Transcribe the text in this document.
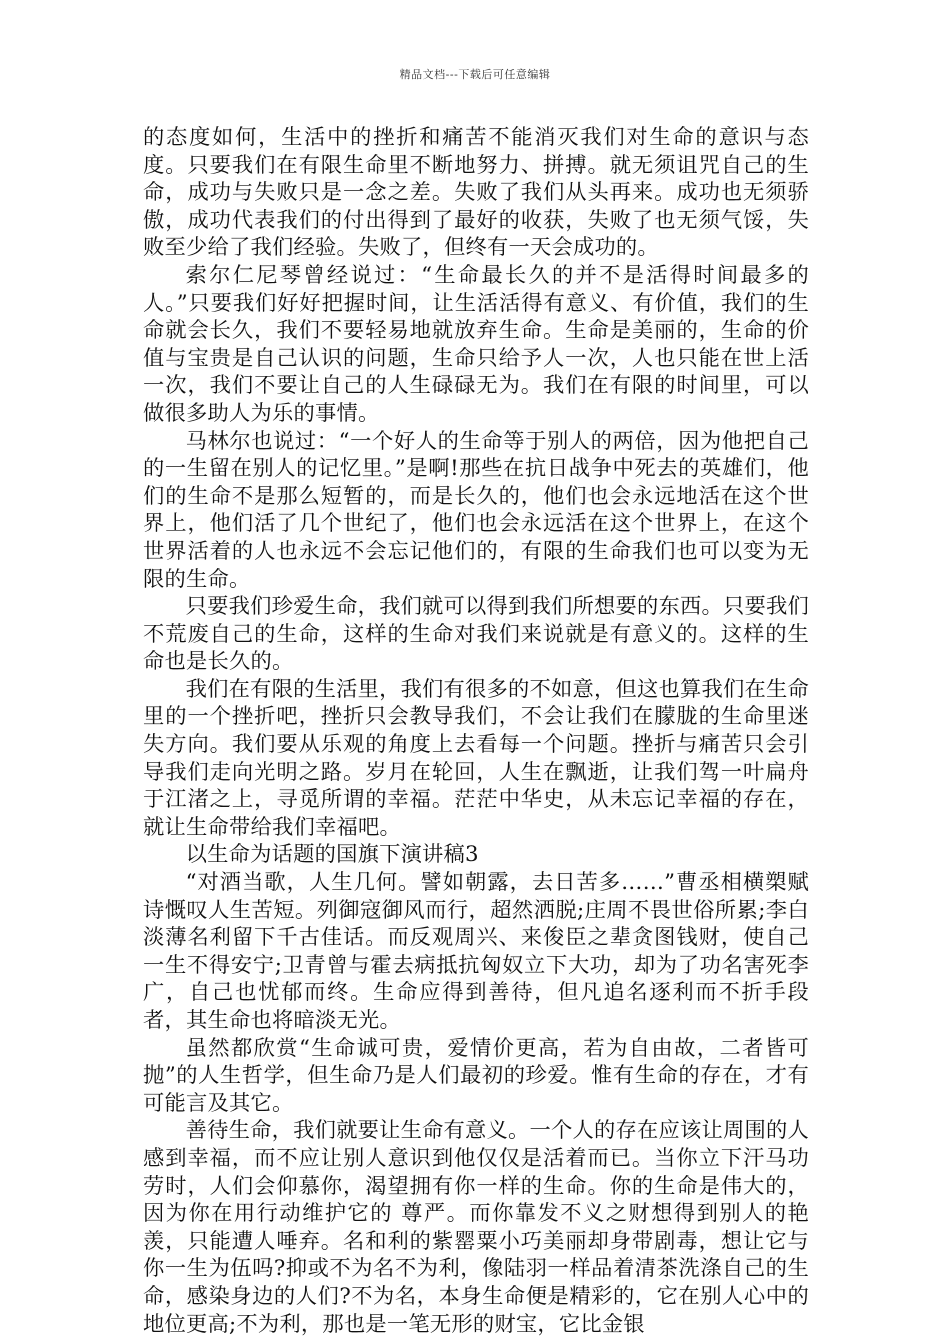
精品文档---下载后可任意编辑

的态度如何，生活中的挫折和痛苦不能消灭我们对生命的意识与态度。只要我们在有限生命里不断地努力、拼搏。就无须诅咒自己的生命，成功与失败只是一念之差。失败了我们从头再来。成功也无须骄傲，成功代表我们的付出得到了最好的收获，失败了也无须气馁，失败至少给了我们经验。失败了，但终有一天会成功的。

索尔仁尼琴曾经说过：“生命最长久的并不是活得时间最多的人。”只要我们好好把握时间，让生活活得有意义、有价值，我们的生命就会长久，我们不要轻易地就放弃生命。生命是美丽的，生命的价值与宝贵是自己认识的问题，生命只给予人一次，人也只能在世上活一次，我们不要让自己的人生碌碌无为。我们在有限的时间里，可以做很多助人为乐的事情。

马林尔也说过：“一个好人的生命等于别人的两倍，因为他把自己的一生留在别人的记忆里。”是啊!那些在抗日战争中死去的英雄们，他们的生命不是那么短暂的，而是长久的，他们也会永远地活在这个世界上，他们活了几个世纪了，他们也会永远活在这个世界上，在这个世界活着的人也永远不会忘记他们的，有限的生命我们也可以变为无限的生命。

只要我们珍爱生命，我们就可以得到我们所想要的东西。只要我们不荒废自己的生命，这样的生命对我们来说就是有意义的。这样的生命也是长久的。

我们在有限的生活里，我们有很多的不如意，但这也算我们在生命里的一个挫折吧，挫折只会教导我们，不会让我们在朦胧的生命里迷失方向。我们要从乐观的角度上去看每一个问题。挫折与痛苦只会引导我们走向光明之路。岁月在轮回，人生在飘逝，让我们驾一叶扁舟于江渚之上，寻觅所谓的幸福。茫茫中华史，从未忘记幸福的存在，就让生命带给我们幸福吧。

以生命为话题的国旗下演讲稿3

“对酒当歌，人生几何。譬如朝露，去日苦多……”曹丞相横槊赋诗慨叹人生苦短。列御寇御风而行，超然洒脱;庄周不畏世俗所累;李白淡薄名利留下千古佳话。而反观周兴、来俊臣之辈贪图钱财，使自己一生不得安宁;卫青曾与霍去病抵抗匈奴立下大功，却为了功名害死李广，自己也忧郁而终。生命应得到善待，但凡追名逐利而不折手段者，其生命也将暗淡无光。

虽然都欣赏“生命诚可贵，爱情价更高，若为自由故，二者皆可抛”的人生哲学，但生命乃是人们最初的珍爱。惟有生命的存在，才有可能言及其它。

善待生命，我们就要让生命有意义。一个人的存在应该让周围的人感到幸福，而不应让别人意识到他仅仅是活着而已。当你立下汗马功劳时，人们会仰慕你，渴望拥有你一样的生命。你的生命是伟大的，因为你在用行动维护它的 尊严。而你靠发不义之财想得到别人的艳羡，只能遭人唾弃。名和利的紫罂粟小巧美丽却身带剧毒，想让它与你一生为伍吗?抑或不为名不为利，像陆羽一样品着清茶洗涤自己的生命，感染身边的人们?不为名，本身生命便是精彩的，它在别人心中的地位更高;不为利，那也是一笔无形的财宝，它比金银
